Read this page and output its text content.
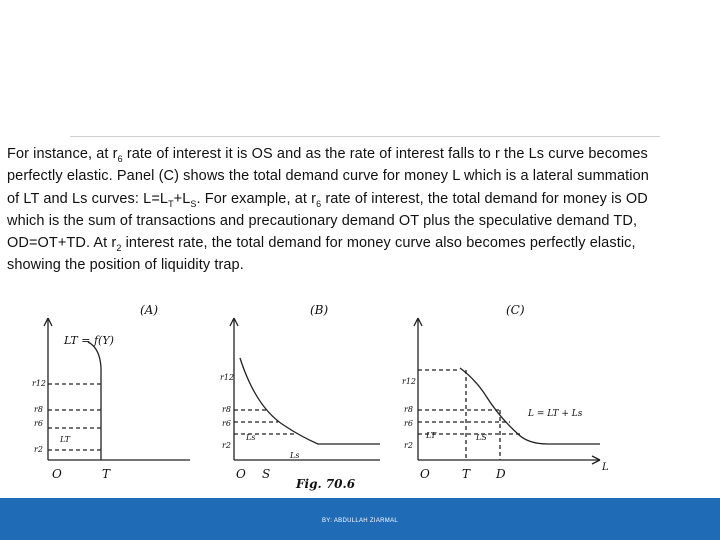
For instance, at $r_6$ rate of interest it is OS and as the rate of interest falls to r the Ls curve becomes perfectly elastic. Panel (C) shows the total demand curve for money L which is a lateral summation of LT and Ls curves: $L=L_T+L_S$. For example, at $r_6$ rate of interest, the total demand for money is OD which is the sum of transactions and precautionary demand OT plus the speculative demand TD, OD=OT+TD. At $r_2$ interest rate, the total demand for money curve also becomes perfectly elastic, showing the position of liquidity trap.
(A)
LT = f(Y)
r12
r8
r6
r2
LT
O	T
(B)
r12
r8
r6
r2
Ls
Ls
O S
(C)
L = LT + Ls
r12
r8
r6
r2
LT	LS
O	T D	L
Fig. 70.6
BY: ABDULLAH ZIARMAL
